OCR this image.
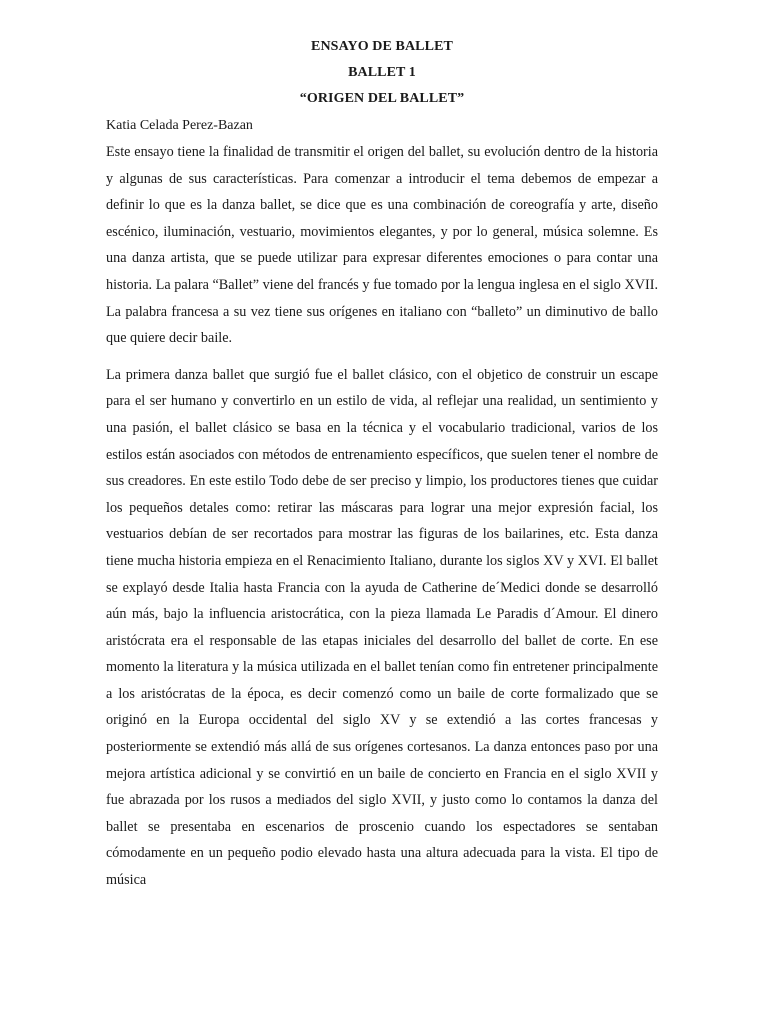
ENSAYO DE BALLET
BALLET 1
“ORIGEN DEL BALLET”
Katia Celada Perez-Bazan

Este ensayo tiene la finalidad de transmitir el origen del ballet, su evolución dentro de la historia y algunas de sus características. Para comenzar a introducir el tema debemos de empezar a definir lo que es la danza ballet, se dice que es una combinación de coreografía y arte, diseño escénico, iluminación, vestuario, movimientos elegantes, y por lo general, música solemne. Es una danza artista, que se puede utilizar para expresar diferentes emociones o para contar una historia. La palara “Ballet” viene del francés y fue tomado por la lengua inglesa en el siglo XVII. La palabra francesa a su vez tiene sus orígenes en italiano con “balleto” un diminutivo de ballo que quiere decir baile.

La primera danza ballet que surgió fue el ballet clásico, con el objetico de construir un escape para el ser humano y convertirlo en un estilo de vida, al reflejar una realidad, un sentimiento y una pasión, el ballet clásico se basa en la técnica y el vocabulario tradicional, varios de los estilos están asociados con métodos de entrenamiento específicos, que suelen tener el nombre de sus creadores. En este estilo Todo debe de ser preciso y limpio, los productores tienes que cuidar los pequeños detales como: retirar las máscaras para lograr una mejor expresión facial, los vestuarios debían de ser recortados para mostrar las figuras de los bailarines, etc. Esta danza tiene mucha historia empieza en el Renacimiento Italiano, durante los siglos XV y XVI. El ballet se explayó desde Italia hasta Francia con la ayuda de Catherine de´Medici donde se desarrolló aún más, bajo la influencia aristocrática, con la pieza llamada Le Paradis d´Amour. El dinero aristócrata era el responsable de las etapas iniciales del desarrollo del ballet de corte. En ese momento la literatura y la música utilizada en el ballet tenían como fin entretener principalmente a los aristócratas de la época, es decir comenzó como un baile de corte formalizado que se originó en la Europa occidental del siglo XV y se extendió a las cortes francesas y posteriormente se extendió más allá de sus orígenes cortesanos. La danza entonces paso por una mejora artística adicional y se convirtió en un baile de concierto en Francia en el siglo XVII y fue abrazada por los rusos a mediados del siglo XVII, y justo como lo contamos la danza del ballet se presentaba en escenarios de proscenio cuando los espectadores se sentaban cómodamente en un pequeño podio elevado hasta una altura adecuada para la vista. El tipo de música
